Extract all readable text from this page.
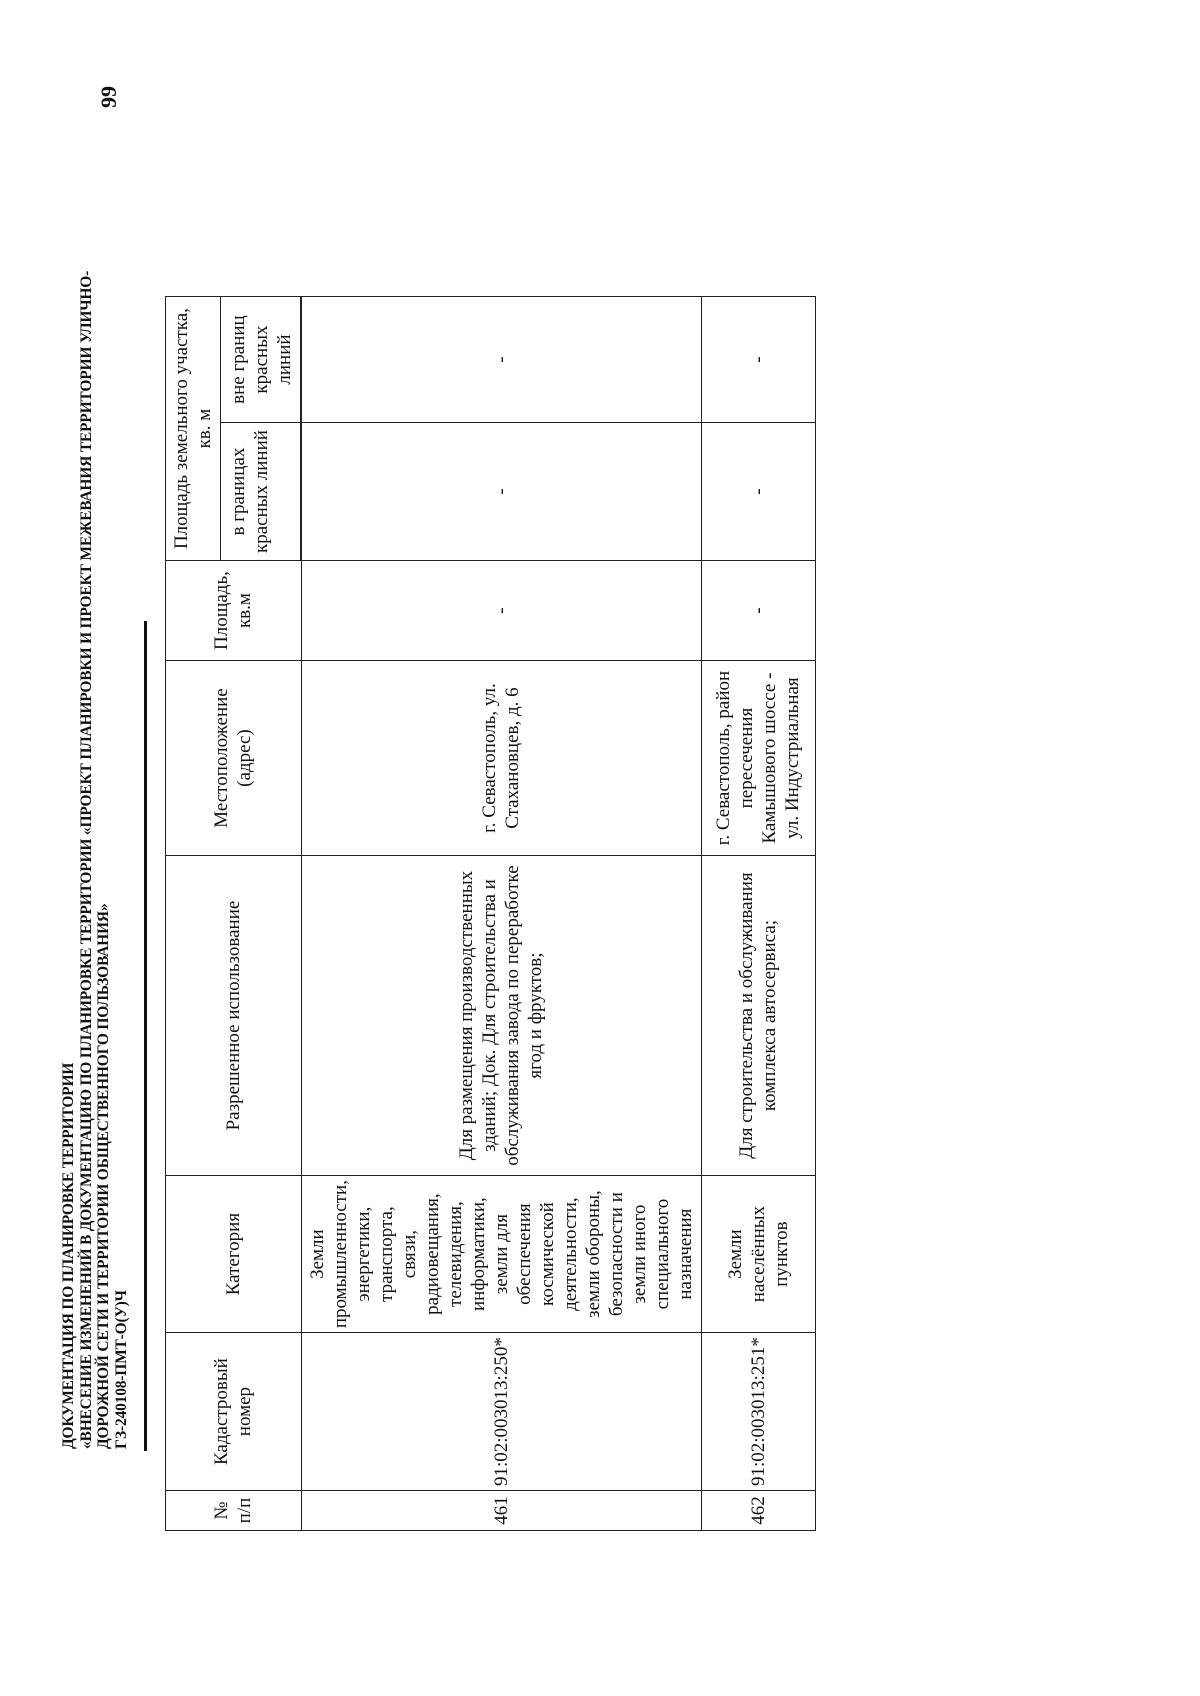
99
ДОКУМЕНТАЦИЯ ПО ПЛАНИРОВКЕ ТЕРРИТОРИИ «ВНЕСЕНИЕ ИЗМЕНЕНИЙ В ДОКУМЕНТАЦИЮ ПО ПЛАНИРОВКЕ ТЕРРИТОРИИ «ПРОЕКТ ПЛАНИРОВКИ И ПРОЕКТ МЕЖЕВАНИЯ ТЕРРИТОРИИ УЛИЧНО- ДОРОЖНОЙ СЕТИ И ТЕРРИТОРИИ ОБЩЕСТВЕННОГО ПОЛЬЗОВАНИЯ» ГЗ-240108-ПМТ-О(У)Ч
№ п/п	Кадастровый номер	Категория	Разрешенное использование	Местоположение (адрес)	Площадь, кв.м	Площадь земельного участка, кв. м	
						в границах красных линий	вне границ красных линий
461	91:02:003013:250*	Земли промышленности, энергетики, транспорта, связи, радиовещания, телевидения, информатики, земли для обеспечения космической деятельности, земли обороны, безопасности и земли иного специального назначения	Для размещения производственных зданий; Док. Для строительства и обслуживания завода по переработке ягод и фруктов;	г. Севастополь, ул. Стахановцев, д. 6	-	-	-
462	91:02:003013:251*	Земли населённых пунктов	Для строительства и обслуживания комплекса автосервиса;	г. Севастополь, район пересечения Камышового шоссе - ул. Индустриальная	-	-	-
